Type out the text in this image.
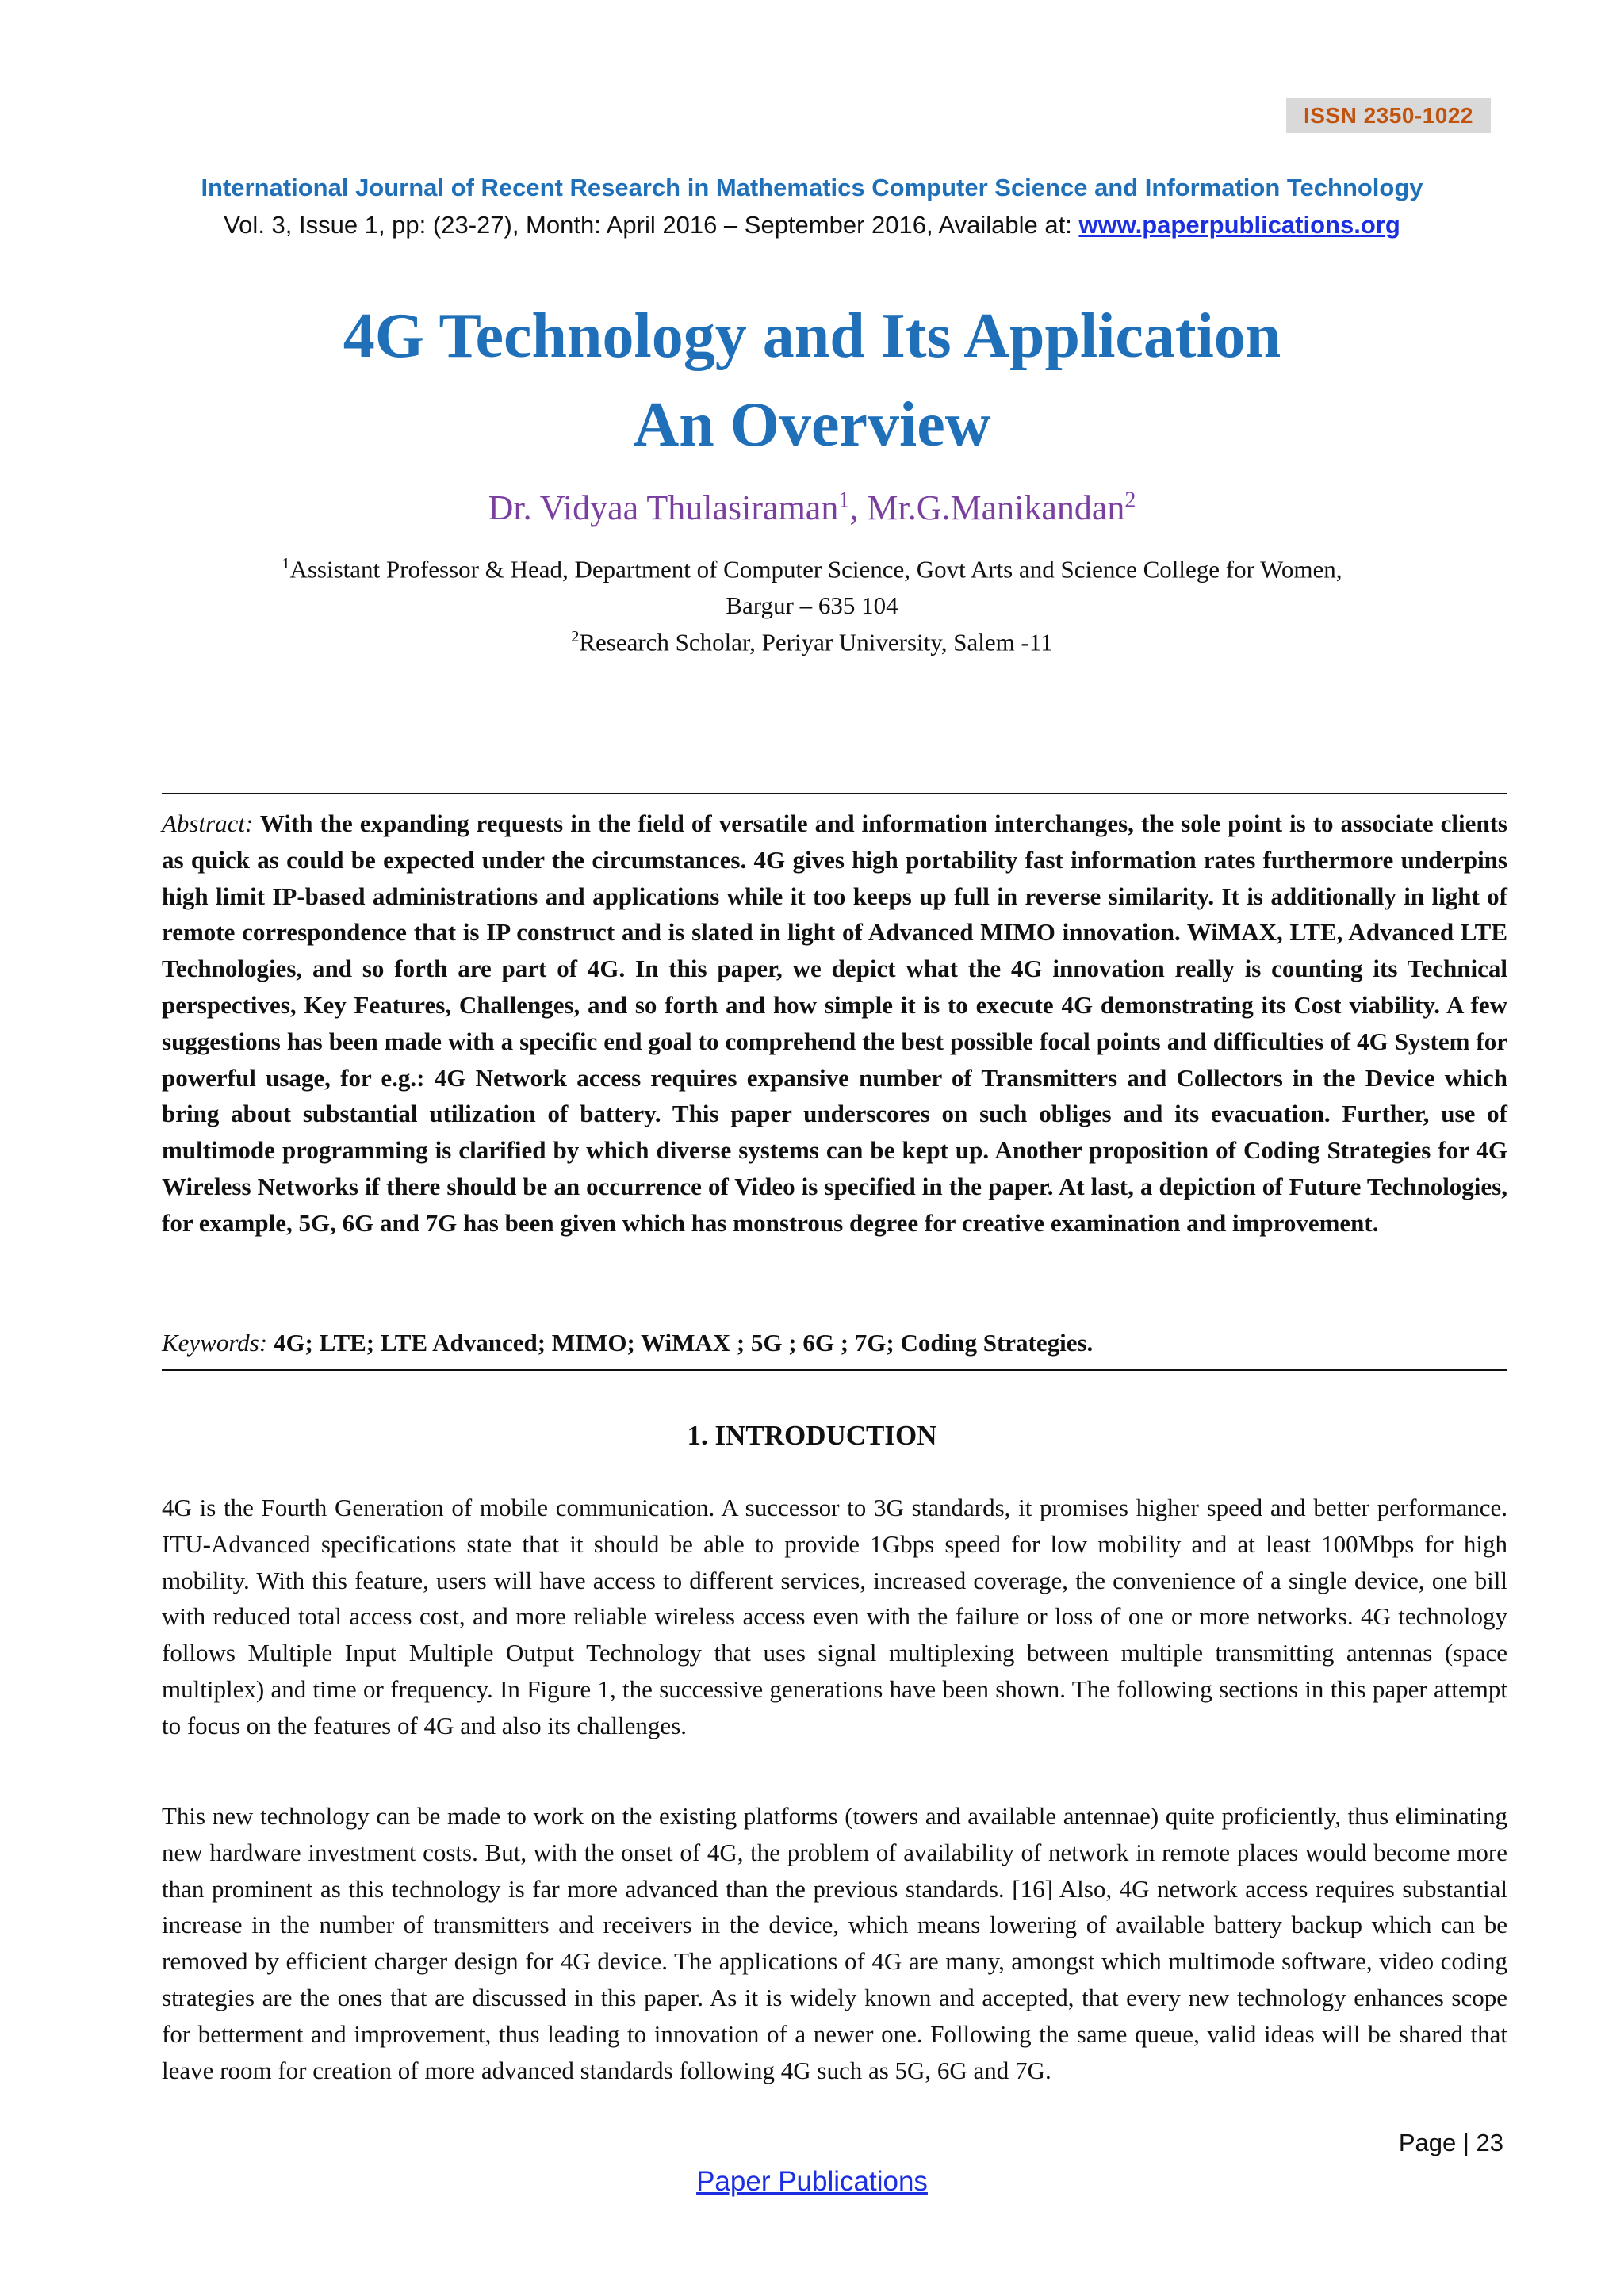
ISSN 2350-1022
International Journal of Recent Research in Mathematics Computer Science and Information Technology
Vol. 3, Issue 1, pp: (23-27), Month: April 2016 – September 2016, Available at: www.paperpublications.org
4G Technology and Its Application
An Overview
Dr. Vidyaa Thulasiraman$^1$, Mr.G.Manikandan$^2$
$^1$Assistant Professor & Head, Department of Computer Science, Govt Arts and Science College for Women,
Bargur – 635 104
$^2$Research Scholar, Periyar University, Salem -11
Abstract: With the expanding requests in the field of versatile and information interchanges, the sole point is to associate clients as quick as could be expected under the circumstances. 4G gives high portability fast information rates furthermore underpins high limit IP-based administrations and applications while it too keeps up full in reverse similarity. It is additionally in light of remote correspondence that is IP construct and is slated in light of Advanced MIMO innovation. WiMAX, LTE, Advanced LTE Technologies, and so forth are part of 4G. In this paper, we depict what the 4G innovation really is counting its Technical perspectives, Key Features, Challenges, and so forth and how simple it is to execute 4G demonstrating its Cost viability. A few suggestions has been made with a specific end goal to comprehend the best possible focal points and difficulties of 4G System for powerful usage, for e.g.: 4G Network access requires expansive number of Transmitters and Collectors in the Device which bring about substantial utilization of battery. This paper underscores on such obliges and its evacuation. Further, use of multimode programming is clarified by which diverse systems can be kept up. Another proposition of Coding Strategies for 4G Wireless Networks if there should be an occurrence of Video is specified in the paper. At last, a depiction of Future Technologies, for example, 5G, 6G and 7G has been given which has monstrous degree for creative examination and improvement.
Keywords: 4G; LTE; LTE Advanced; MIMO; WiMAX ; 5G ; 6G ; 7G; Coding Strategies.
1. INTRODUCTION
4G is the Fourth Generation of mobile communication. A successor to 3G standards, it promises higher speed and better performance. ITU-Advanced specifications state that it should be able to provide 1Gbps speed for low mobility and at least 100Mbps for high mobility. With this feature, users will have access to different services, increased coverage, the convenience of a single device, one bill with reduced total access cost, and more reliable wireless access even with the failure or loss of one or more networks. 4G technology follows Multiple Input Multiple Output Technology that uses signal multiplexing between multiple transmitting antennas (space multiplex) and time or frequency. In Figure 1, the successive generations have been shown. The following sections in this paper attempt to focus on the features of 4G and also its challenges.
This new technology can be made to work on the existing platforms (towers and available antennae) quite proficiently, thus eliminating new hardware investment costs. But, with the onset of 4G, the problem of availability of network in remote places would become more than prominent as this technology is far more advanced than the previous standards. [16] Also, 4G network access requires substantial increase in the number of transmitters and receivers in the device, which means lowering of available battery backup which can be removed by efficient charger design for 4G device. The applications of 4G are many, amongst which multimode software, video coding strategies are the ones that are discussed in this paper. As it is widely known and accepted, that every new technology enhances scope for betterment and improvement, thus leading to innovation of a newer one. Following the same queue, valid ideas will be shared that leave room for creation of more advanced standards following 4G such as 5G, 6G and 7G.
Page | 23
Paper Publications
